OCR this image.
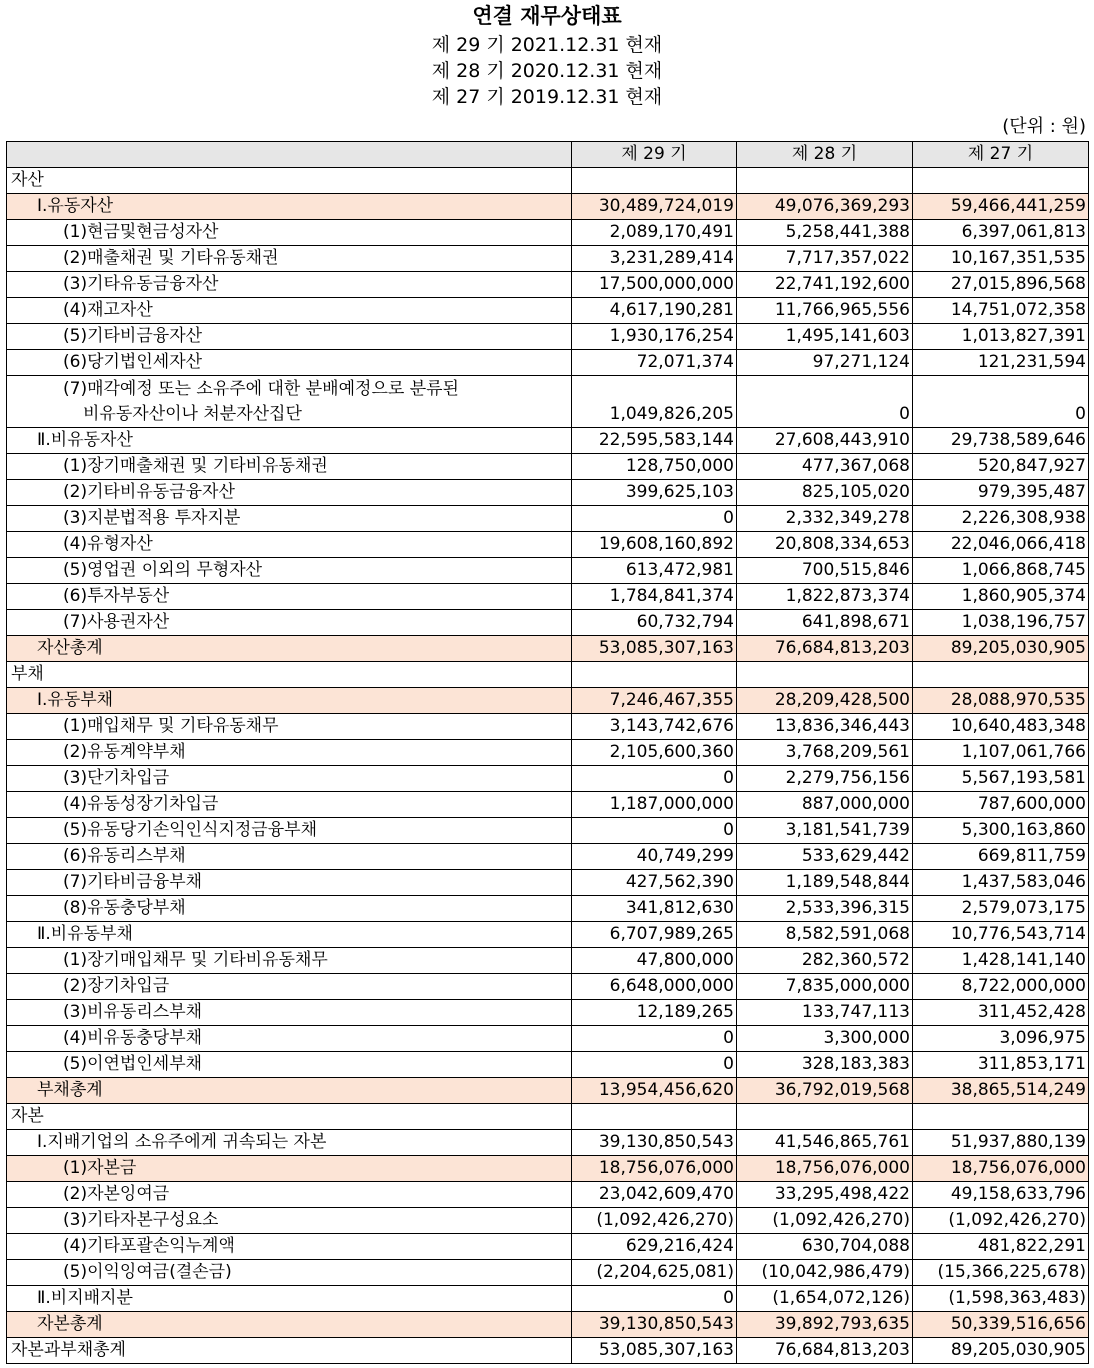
연결 재무상태표
제 29 기 2021.12.31 현재
제 28 기 2020.12.31 현재
제 27 기 2019.12.31 현재
(단위 : 원)
	제 29 기	제 28 기	제 27 기
자산			
Ⅰ.유동자산	30,489,724,019	49,076,369,293	59,466,441,259
(1)현금및현금성자산	2,089,170,491	5,258,441,388	6,397,061,813
(2)매출채권 및 기타유동채권	3,231,289,414	7,717,357,022	10,167,351,535
(3)기타유동금융자산	17,500,000,000	22,741,192,600	27,015,896,568
(4)재고자산	4,617,190,281	11,766,965,556	14,751,072,358
(5)기타비금융자산	1,930,176,254	1,495,141,603	1,013,827,391
(6)당기법인세자산	72,071,374	97,271,124	121,231,594

(7)매각예정 또는 소유주에 대한 분배예정으로 분류된
비유동자산이나 처분자산집단	1,049,826,205	0	0
Ⅱ.비유동자산	22,595,583,144	27,608,443,910	29,738,589,646
(1)장기매출채권 및 기타비유동채권	128,750,000	477,367,068	520,847,927
(2)기타비유동금융자산	399,625,103	825,105,020	979,395,487
(3)지분법적용 투자지분	0	2,332,349,278	2,226,308,938
(4)유형자산	19,608,160,892	20,808,334,653	22,046,066,418
(5)영업권 이외의 무형자산	613,472,981	700,515,846	1,066,868,745
(6)투자부동산	1,784,841,374	1,822,873,374	1,860,905,374
(7)사용권자산	60,732,794	641,898,671	1,038,196,757
자산총계	53,085,307,163	76,684,813,203	89,205,030,905
부채			
Ⅰ.유동부채	7,246,467,355	28,209,428,500	28,088,970,535
(1)매입채무 및 기타유동채무	3,143,742,676	13,836,346,443	10,640,483,348
(2)유동계약부채	2,105,600,360	3,768,209,561	1,107,061,766
(3)단기차입금	0	2,279,756,156	5,567,193,581
(4)유동성장기차입금	1,187,000,000	887,000,000	787,600,000
(5)유동당기손익인식지정금융부채	0	3,181,541,739	5,300,163,860
(6)유동리스부채	40,749,299	533,629,442	669,811,759
(7)기타비금융부채	427,562,390	1,189,548,844	1,437,583,046
(8)유동충당부채	341,812,630	2,533,396,315	2,579,073,175
Ⅱ.비유동부채	6,707,989,265	8,582,591,068	10,776,543,714
(1)장기매입채무 및 기타비유동채무	47,800,000	282,360,572	1,428,141,140
(2)장기차입금	6,648,000,000	7,835,000,000	8,722,000,000
(3)비유동리스부채	12,189,265	133,747,113	311,452,428
(4)비유동충당부채	0	3,300,000	3,096,975
(5)이연법인세부채	0	328,183,383	311,853,171
부채총계	13,954,456,620	36,792,019,568	38,865,514,249
자본			
Ⅰ.지배기업의 소유주에게 귀속되는 자본	39,130,850,543	41,546,865,761	51,937,880,139
(1)자본금	18,756,076,000	18,756,076,000	18,756,076,000
(2)자본잉여금	23,042,609,470	33,295,498,422	49,158,633,796
(3)기타자본구성요소	(1,092,426,270)	(1,092,426,270)	(1,092,426,270)
(4)기타포괄손익누계액	629,216,424	630,704,088	481,822,291
(5)이익잉여금(결손금)	(2,204,625,081)	(10,042,986,479)	(15,366,225,678)
Ⅱ.비지배지분	0	(1,654,072,126)	(1,598,363,483)
자본총계	39,130,850,543	39,892,793,635	50,339,516,656
자본과부채총계	53,085,307,163	76,684,813,203	89,205,030,905
